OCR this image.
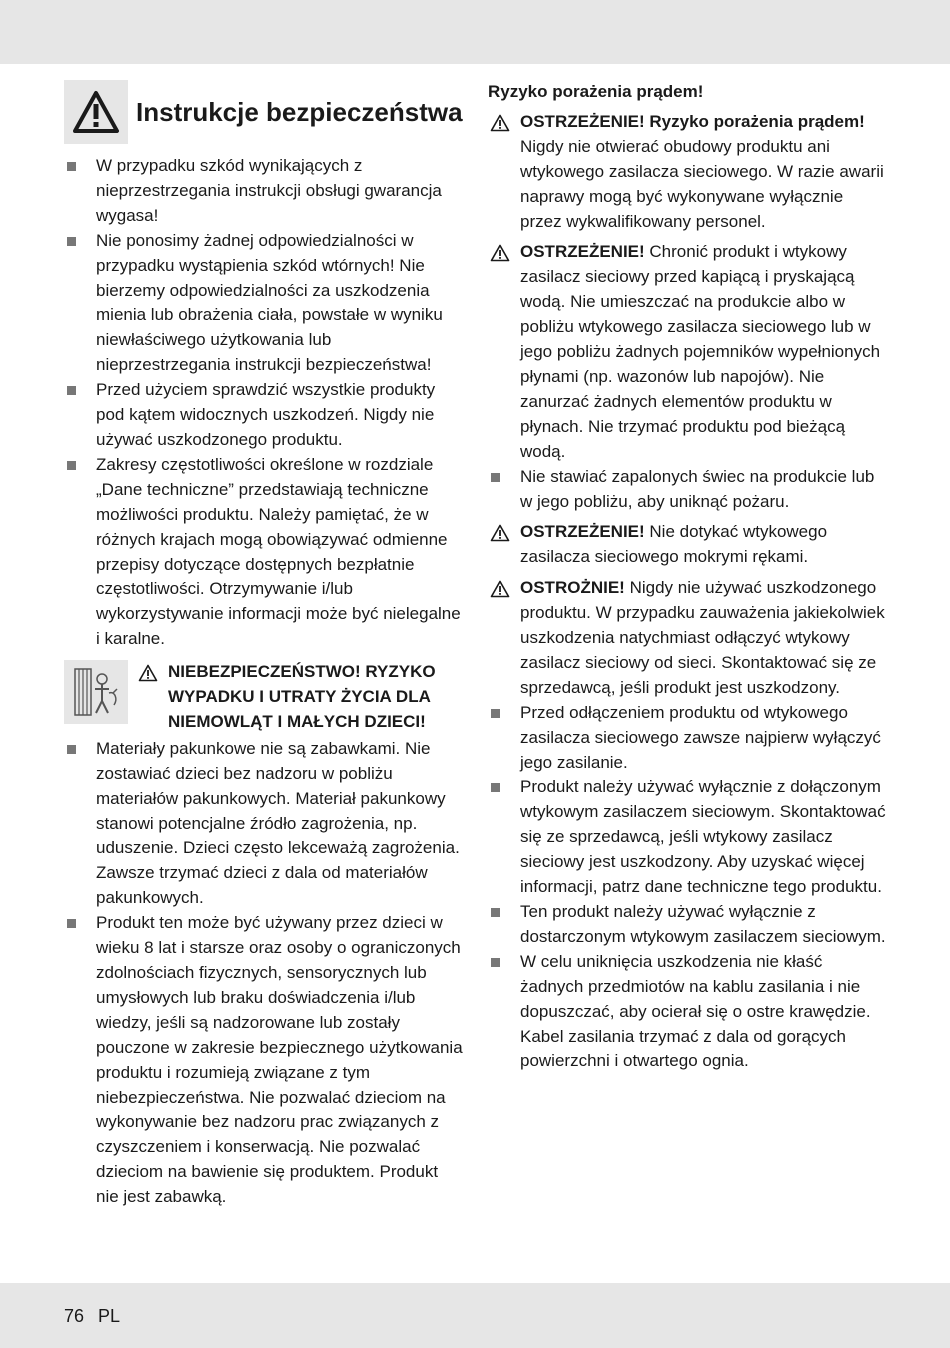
Instrukcje bezpieczeństwa
W przypadku szkód wynikających z nieprzestrzegania instrukcji obsługi gwarancja wygasa!
Nie ponosimy żadnej odpowiedzialności w przypadku wystąpienia szkód wtórnych! Nie bierzemy odpowiedzialności za uszkodzenia mienia lub obrażenia ciała, powstałe w wyniku niewłaściwego użytkowania lub nieprzestrzegania instrukcji bezpieczeństwa!
Przed użyciem sprawdzić wszystkie produkty pod kątem widocznych uszkodzeń. Nigdy nie używać uszkodzonego produktu.
Zakresy częstotliwości określone w rozdziale „Dane techniczne” przedstawiają techniczne możliwości produktu. Należy pamiętać, że w różnych krajach mogą obowiązywać odmienne przepisy dotyczące dostępnych bezpłatnie częstotliwości. Otrzymywanie i/lub wykorzystywanie informacji może być nielegalne i karalne.
NIEBEZPIECZEŃSTWO! RYZYKO WYPADKU I UTRATY ŻYCIA DLA NIEMOWLĄT I MAŁYCH DZIECI!
Materiały pakunkowe nie są zabawkami. Nie zostawiać dzieci bez nadzoru w pobliżu materiałów pakunkowych. Materiał pakunkowy stanowi potencjalne źródło zagrożenia, np. uduszenie. Dzieci często lekceważą zagrożenia. Zawsze trzymać dzieci z dala od materiałów pakunkowych.
Produkt ten może być używany przez dzieci w wieku 8 lat i starsze oraz osoby o ograniczonych zdolnościach fizycznych, sensorycznych lub umysłowych lub braku doświadczenia i/lub wiedzy, jeśli są nadzorowane lub zostały pouczone w zakresie bezpiecznego użytkowania produktu i rozumieją związane z tym niebezpieczeństwa. Nie pozwalać dzieciom na wykonywanie bez nadzoru prac związanych z czyszczeniem i konserwacją. Nie pozwalać dzieciom na bawienie się produktem. Produkt nie jest zabawką.
Ryzyko porażenia prądem!
OSTRZEŻENIE! Ryzyko porażenia prądem! Nigdy nie otwierać obudowy produktu ani wtykowego zasilacza sieciowego. W razie awarii naprawy mogą być wykonywane wyłącznie przez wykwalifikowany personel.
OSTRZEŻENIE! Chronić produkt i wtykowy zasilacz sieciowy przed kapiącą i pryskającą wodą. Nie umieszczać na produkcie albo w pobliżu wtykowego zasilacza sieciowego lub w jego pobliżu żadnych pojemników wypełnionych płynami (np. wazonów lub napojów). Nie zanurzać żadnych elementów produktu w płynach. Nie trzymać produktu pod bieżącą wodą.
Nie stawiać zapalonych świec na produkcie lub w jego pobliżu, aby uniknąć pożaru.
OSTRZEŻENIE! Nie dotykać wtykowego zasilacza sieciowego mokrymi rękami.
OSTROŻNIE! Nigdy nie używać uszkodzonego produktu. W przypadku zauważenia jakiekolwiek uszkodzenia natychmiast odłączyć wtykowy zasilacz sieciowy od sieci. Skontaktować się ze sprzedawcą, jeśli produkt jest uszkodzony.
Przed odłączeniem produktu od wtykowego zasilacza sieciowego zawsze najpierw wyłączyć jego zasilanie.
Produkt należy używać wyłącznie z dołączonym wtykowym zasilaczem sieciowym. Skontaktować się ze sprzedawcą, jeśli wtykowy zasilacz sieciowy jest uszkodzony. Aby uzyskać więcej informacji, patrz dane techniczne tego produktu.
Ten produkt należy używać wyłącznie z dostarczonym wtykowym zasilaczem sieciowym.
W celu uniknięcia uszkodzenia nie kłaść żadnych przedmiotów na kablu zasilania i nie dopuszczać, aby ocierał się o ostre krawędzie. Kabel zasilania trzymać z dala od gorących powierzchni i otwartego ognia.
76 PL
